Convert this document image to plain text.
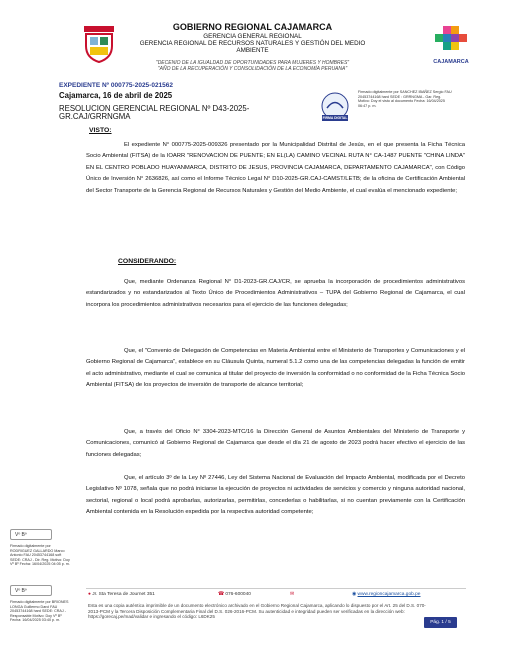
GOBIERNO REGIONAL CAJAMARCA
GERENCIA GENERAL REGIONAL
GERENCIA REGIONAL DE RECURSOS NATURALES Y GESTIÓN DEL MEDIO
AMBIENTE
"DECENIO DE LA IGUALDAD DE OPORTUNIDADES PARA MUJERES Y HOMBRES"
"AÑO DE LA RECUPERACIÓN Y CONSOLIDACIÓN DE LA ECONOMÍA PERUANA"
CAJAMARCA
EXPEDIENTE Nº 000775-2025-021562
Cajamarca, 16 de abril de 2025
RESOLUCION GERENCIAL REGIONAL Nº D43-2025-GR.CAJ/GRRNGMA	FIRMA DIGITAL
Firmado digitalmente por SANCHEZ IBAÑEZ Sergio FAU 20453744168 hard SEDE : GRRNGMA - Gar. Reg. Motivo: Doy el visto al documento Fecha: 16/04/2025 06:47 p. m.
VISTO:
El expediente N° 000775-2025-009326 presentado por la Municipalidad Distrital de Jesús, en el que presenta la Ficha Técnica Socio Ambiental (FITSA) de la IOARR "RENOVACION DE PUENTE; EN EL(LA) CAMINO VECINAL RUTA N° CA-1487 PUENTE "CHINA LINDA" EN EL CENTRO POBLADO HUAYANMARCA, DISTRITO DE JESUS, PROVINCIA CAJAMARCA, DEPARTAMENTO CAJAMARCA", con Código Único de Inversión N° 2636826, así como el Informe Técnico Legal N° D10-2025-GR.CAJ-CAMST/LETB; de la oficina de Certificación Ambiental del Sector Transporte de la Gerencia Regional de Recursos Naturales y Gestión del Medio Ambiente, el cual evalúa el mencionado expediente;
CONSIDERANDO:
Que, mediante Ordenanza Regional N° D1-2023-GR.CAJ/CR, se aprueba la incorporación de procedimientos administrativos estandarizados y no estandarizados al Texto Único de Procedimientos Administrativos – TUPA del Gobierno Regional de Cajamarca, el cual incorpora los procedimientos administrativos necesarios para el ejercicio de las funciones delegadas;
Que, el "Convenio de Delegación de Competencias en Materia Ambiental entre el Ministerio de Transportes y Comunicaciones y el Gobierno Regional de Cajamarca", establece en su Cláusula Quinta, numeral 5.1.2 como una de las competencias delegadas la función de emitir el acto administrativo, mediante el cual se comunica al titular del proyecto de inversión la conformidad o no conformidad de la Ficha Técnica Socio Ambiental (FITSA) de los proyectos de inversión de transporte de alcance territorial;
Que, a través del Oficio N° 3304-2023-MTC/16 la Dirección General de Asuntos Ambientales del Ministerio de Transporte y Comunicaciones, comunicó al Gobierno Regional de Cajamarca que desde el día 21 de agosto de 2023 podrá hacer efectivo el ejercicio de las funciones delegadas;
Que, el artículo 3º de la Ley Nº 27446, Ley del Sistema Nacional de Evaluación del Impacto Ambiental, modificada por el Decreto Legislativo Nº 1078, señala que no podrá iniciarse la ejecución de proyectos ni actividades de servicios y comercio y ninguna autoridad nacional, sectorial, regional o local podrá aprobarlas, autorizarlas, permitirlas, concederlas o habilitarlas, si no cuentan previamente con la Certificación Ambiental contenida en la Resolución expedida por la respectiva autoridad competente;
Vº Bº
Firmado digitalmente por RODRIGUEZ GALLARDO Marco Antonio FAU 20453744168 soft SEDE: CRAJ - Dir. Reg. Motivo: Doy Vº Bº Fecha: 16/04/2025 04:05 p. m.
Vº Bº
Firmado digitalmente por BRIONES LONGA Guillermo Darci FAU 20453744168 hard SEDE: CRAJ - Responsable Motivo: Doy Vº Bº Fecha: 16/04/2025 03:40 p. m.
● Jr. Sta Teresa de Journet 351	☎ 076-600040	✉	◉ www.regioncajamarca.gob.pe
Esta es una copia auténtica imprimible de un documento electrónico archivado en el Gobierno Regional Cajamarca, aplicando lo dispuesto por el Art. 25 del D.S. 070-2013-PCM y la Tercera Disposición Complementaria Final del D.S. 026-2016-PCM. Su autenticidad e integridad pueden ser verificadas en la dirección web: https://gorecaj.pe/mad/validar e ingresando el código: L6DK25
Pág. 1 / 5
